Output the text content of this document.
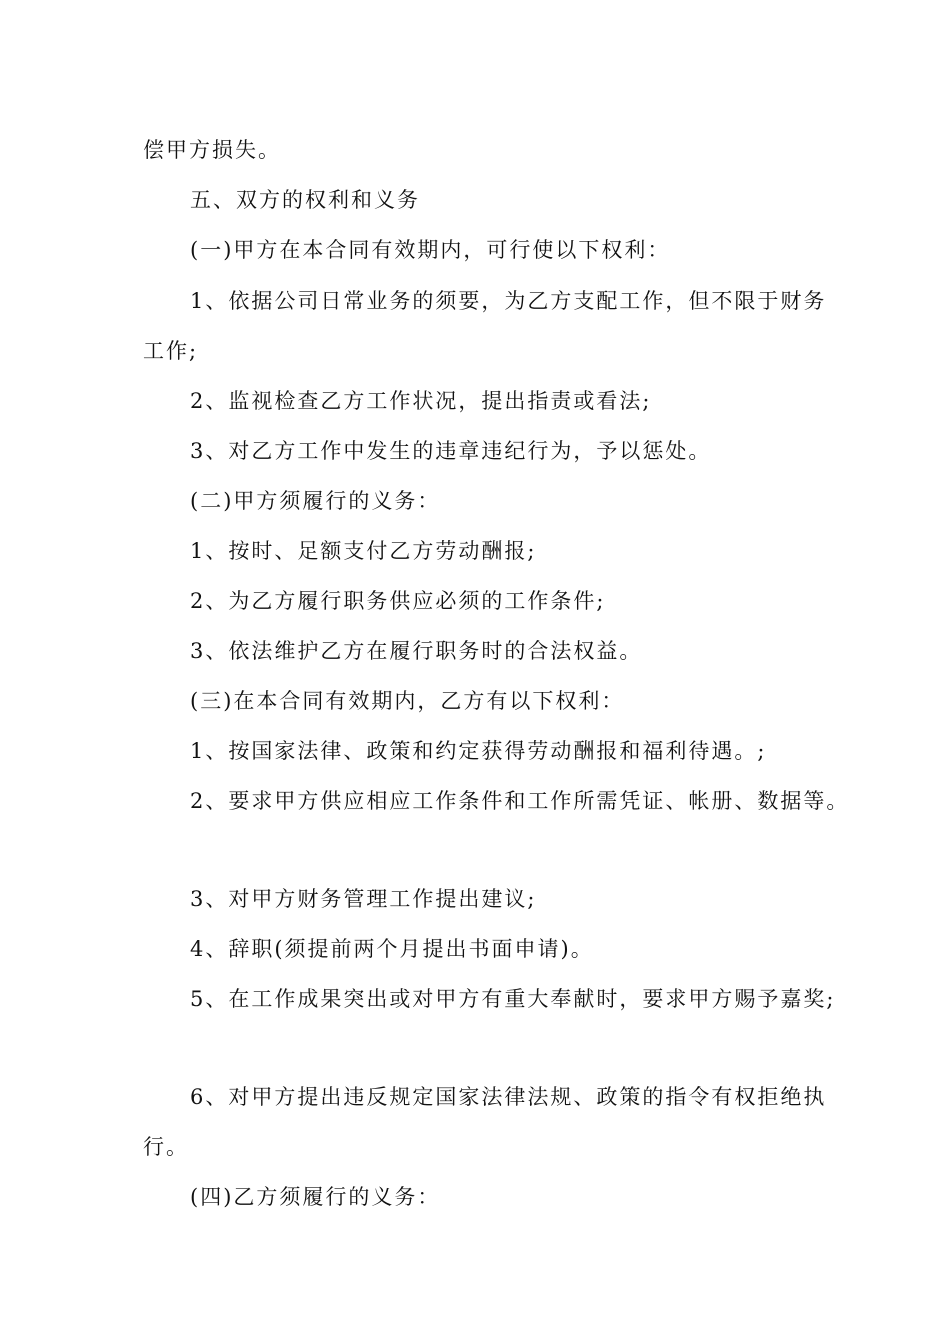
偿甲方损失。
五、双方的权利和义务
(一)甲方在本合同有效期内，可行使以下权利：
1、依据公司日常业务的须要，为乙方支配工作，但不限于财务
工作;
2、监视检查乙方工作状况，提出指责或看法;
3、对乙方工作中发生的违章违纪行为，予以惩处。
(二)甲方须履行的义务：
1、按时、足额支付乙方劳动酬报;
2、为乙方履行职务供应必须的工作条件;
3、依法维护乙方在履行职务时的合法权益。
(三)在本合同有效期内，乙方有以下权利：
1、按国家法律、政策和约定获得劳动酬报和福利待遇。;
2、要求甲方供应相应工作条件和工作所需凭证、帐册、数据等。
3、对甲方财务管理工作提出建议;
4、辞职(须提前两个月提出书面申请)。
5、在工作成果突出或对甲方有重大奉献时，要求甲方赐予嘉奖;
6、对甲方提出违反规定国家法律法规、政策的指令有权拒绝执
行。
(四)乙方须履行的义务：
